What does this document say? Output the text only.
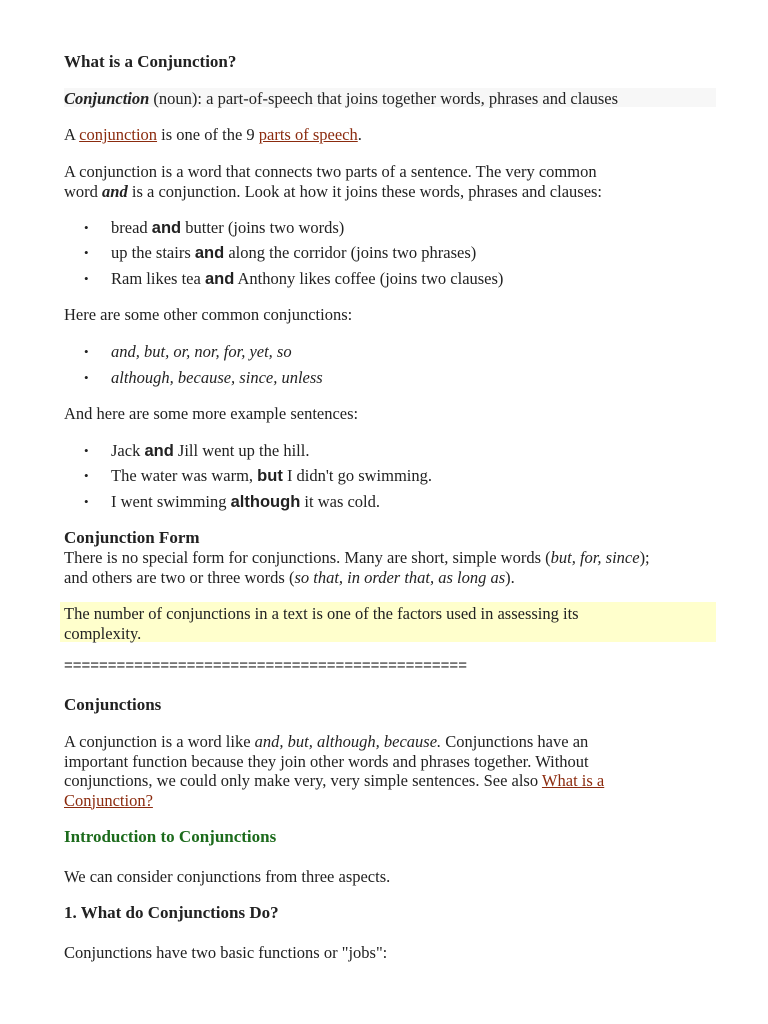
What is a Conjunction?

Conjunction (noun): a part-of-speech that joins together words, phrases and clauses

A conjunction is one of the 9 parts of speech.

A conjunction is a word that connects two parts of a sentence. The very common
word and is a conjunction. Look at how it joins these words, phrases and clauses:

bread and butter (joins two words)
up the stairs and along the corridor (joins two phrases)
Ram likes tea and Anthony likes coffee (joins two clauses)

Here are some other common conjunctions:

and, but, or, nor, for, yet, so
although, because, since, unless

And here are some more example sentences:

Jack and Jill went up the hill.
The water was warm, but I didn't go swimming.
I went swimming although it was cold.
Conjunction Form

There is no special form for conjunctions. Many are short, simple words (but, for, since);
and others are two or three words (so that, in order that, as long as).

The number of conjunctions in a text is one of the factors used in assessing its
complexity.

==============================================
Conjunctions

A conjunction is a word like and, but, although, because. Conjunctions have an
important function because they join other words and phrases together. Without
conjunctions, we could only make very, very simple sentences. See also What is a
Conjunction?

Introduction to Conjunctions

We can consider conjunctions from three aspects.

1. What do Conjunctions Do?

Conjunctions have two basic functions or "jobs":
